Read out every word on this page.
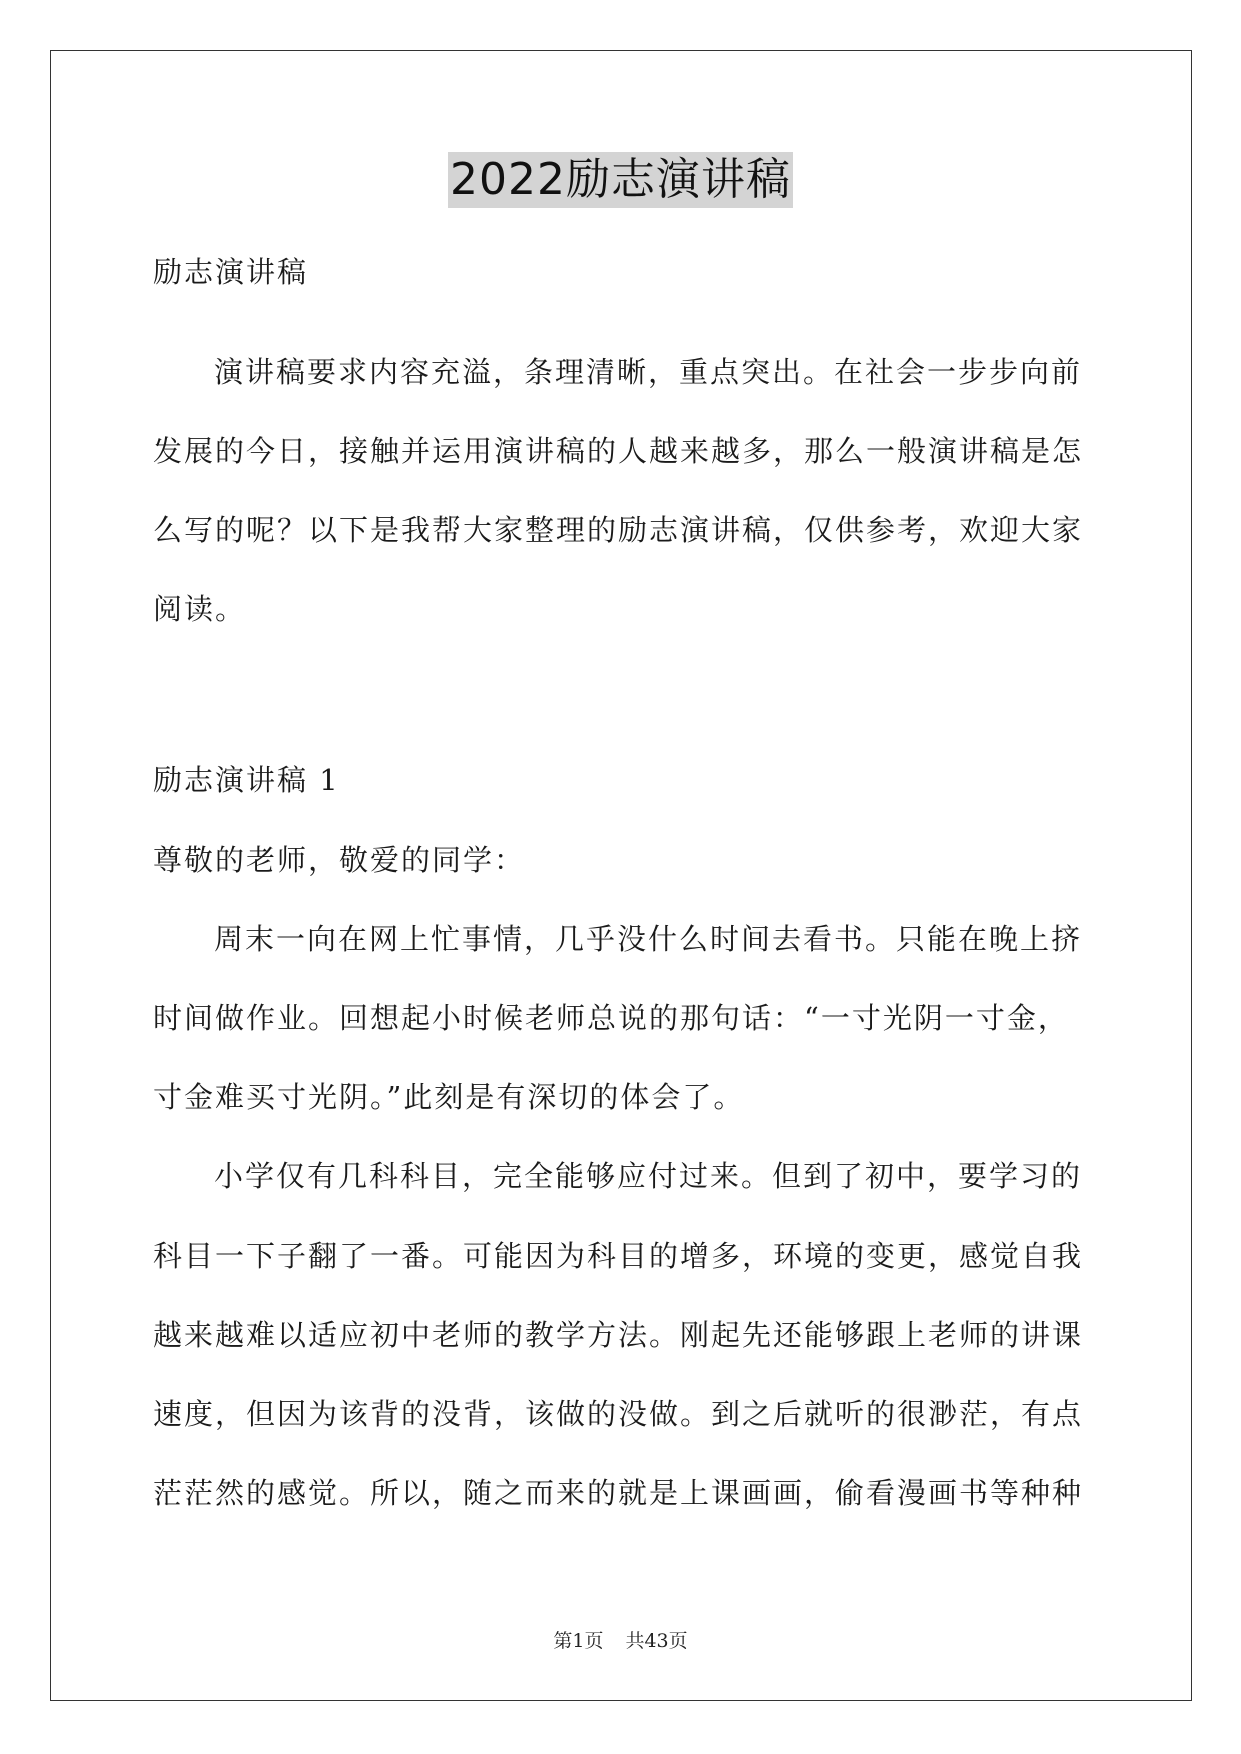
2022励志演讲稿
励志演讲稿
演讲稿要求内容充溢，条理清晰，重点突出。在社会一步步向前
发展的今日，接触并运用演讲稿的人越来越多，那么一般演讲稿是怎
么写的呢？以下是我帮大家整理的励志演讲稿，仅供参考，欢迎大家
阅读。
励志演讲稿 1
尊敬的老师，敬爱的同学：
周末一向在网上忙事情，几乎没什么时间去看书。只能在晚上挤
时间做作业。回想起小时候老师总说的那句话：“一寸光阴一寸金，
寸金难买寸光阴。”此刻是有深切的体会了。
小学仅有几科科目，完全能够应付过来。但到了初中，要学习的
科目一下子翻了一番。可能因为科目的增多，环境的变更，感觉自我
越来越难以适应初中老师的教学方法。刚起先还能够跟上老师的讲课
速度，但因为该背的没背，该做的没做。到之后就听的很渺茫，有点
茫茫然的感觉。所以，随之而来的就是上课画画，偷看漫画书等种种
第1页 共43页
